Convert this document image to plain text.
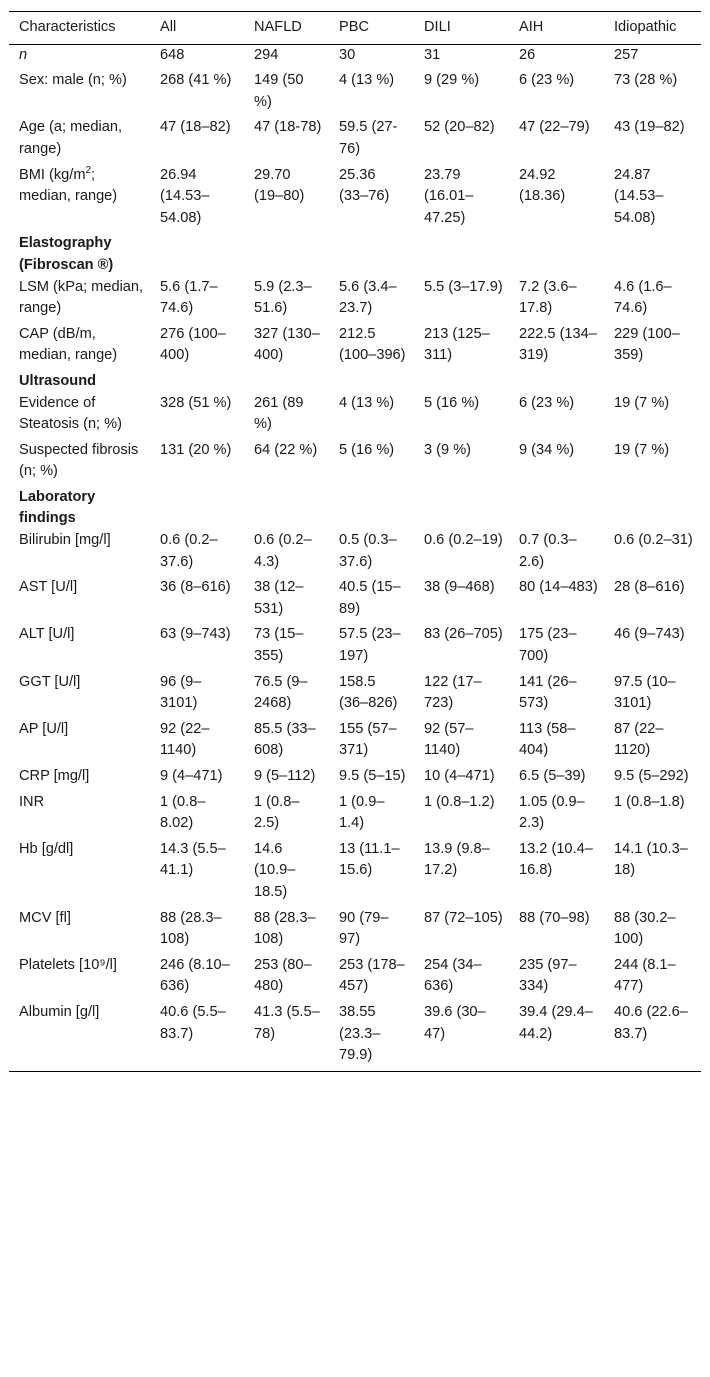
Characteristics	All	NAFLD	PBC	DILI	AIH	Idiopathic
n	648	294	30	31	26	257
Sex: male (n; %)	268 (41 %)	149 (50 %)	4 (13 %)	9 (29 %)	6 (23 %)	73 (28 %)
Age (a; median, range)	47 (18–82)	47 (18-78)	59.5 (27-76)	52 (20–82)	47 (22–79)	43 (19–82)
BMI ($kg/m^2$; median, range)	26.94 (14.53–54.08)	29.70 (19–80)	25.36 (33–76)	23.79 (16.01–47.25)	24.92 (18.36)	24.87 (14.53–54.08)
Elastography (Fibroscan ®)						
LSM (kPa; median, range)	5.6 (1.7–74.6)	5.9 (2.3–51.6)	5.6 (3.4–23.7)	5.5 (3–17.9)	7.2 (3.6–17.8)	4.6 (1.6–74.6)
CAP (dB/m, median, range)	276 (100–400)	327 (130–400)	212.5 (100–396)	213 (125–311)	222.5 (134–319)	229 (100–359)
Ultrasound						
Evidence of Steatosis (n; %)	328 (51 %)	261 (89 %)	4 (13 %)	5 (16 %)	6 (23 %)	19 (7 %)
Suspected fibrosis (n; %)	131 (20 %)	64 (22 %)	5 (16 %)	3 (9 %)	9 (34 %)	19 (7 %)
Laboratory findings						
Bilirubin [mg/l]	0.6 (0.2–37.6)	0.6 (0.2–4.3)	0.5 (0.3–37.6)	0.6 (0.2–19)	0.7 (0.3–2.6)	0.6 (0.2–31)
AST [U/l]	36 (8–616)	38 (12–531)	40.5 (15–89)	38 (9–468)	80 (14–483)	28 (8–616)
ALT [U/l]	63 (9–743)	73 (15–355)	57.5 (23–197)	83 (26–705)	175 (23–700)	46 (9–743)
GGT [U/l]	96 (9–3101)	76.5 (9–2468)	158.5 (36–826)	122 (17–723)	141 (26–573)	97.5 (10–3101)
AP [U/l]	92 (22–1140)	85.5 (33–608)	155 (57–371)	92 (57–1140)	113 (58–404)	87 (22–1120)
CRP [mg/l]	9 (4–471)	9 (5–112)	9.5 (5–15)	10 (4–471)	6.5 (5–39)	9.5 (5–292)
INR	1 (0.8–8.02)	1 (0.8–2.5)	1 (0.9–1.4)	1 (0.8–1.2)	1.05 (0.9–2.3)	1 (0.8–1.8)
Hb [g/dl]	14.3 (5.5–41.1)	14.6 (10.9–18.5)	13 (11.1–15.6)	13.9 (9.8–17.2)	13.2 (10.4–16.8)	14.1 (10.3–18)
MCV [fl]	88 (28.3–108)	88 (28.3–108)	90 (79–97)	87 (72–105)	88 (70–98)	88 (30.2–100)
Platelets [10⁹/l]	246 (8.10–636)	253 (80–480)	253 (178–457)	254 (34–636)	235 (97–334)	244 (8.1–477)
Albumin [g/l]	40.6 (5.5–83.7)	41.3 (5.5–78)	38.55 (23.3–79.9)	39.6 (30–47)	39.4 (29.4–44.2)	40.6 (22.6–83.7)
